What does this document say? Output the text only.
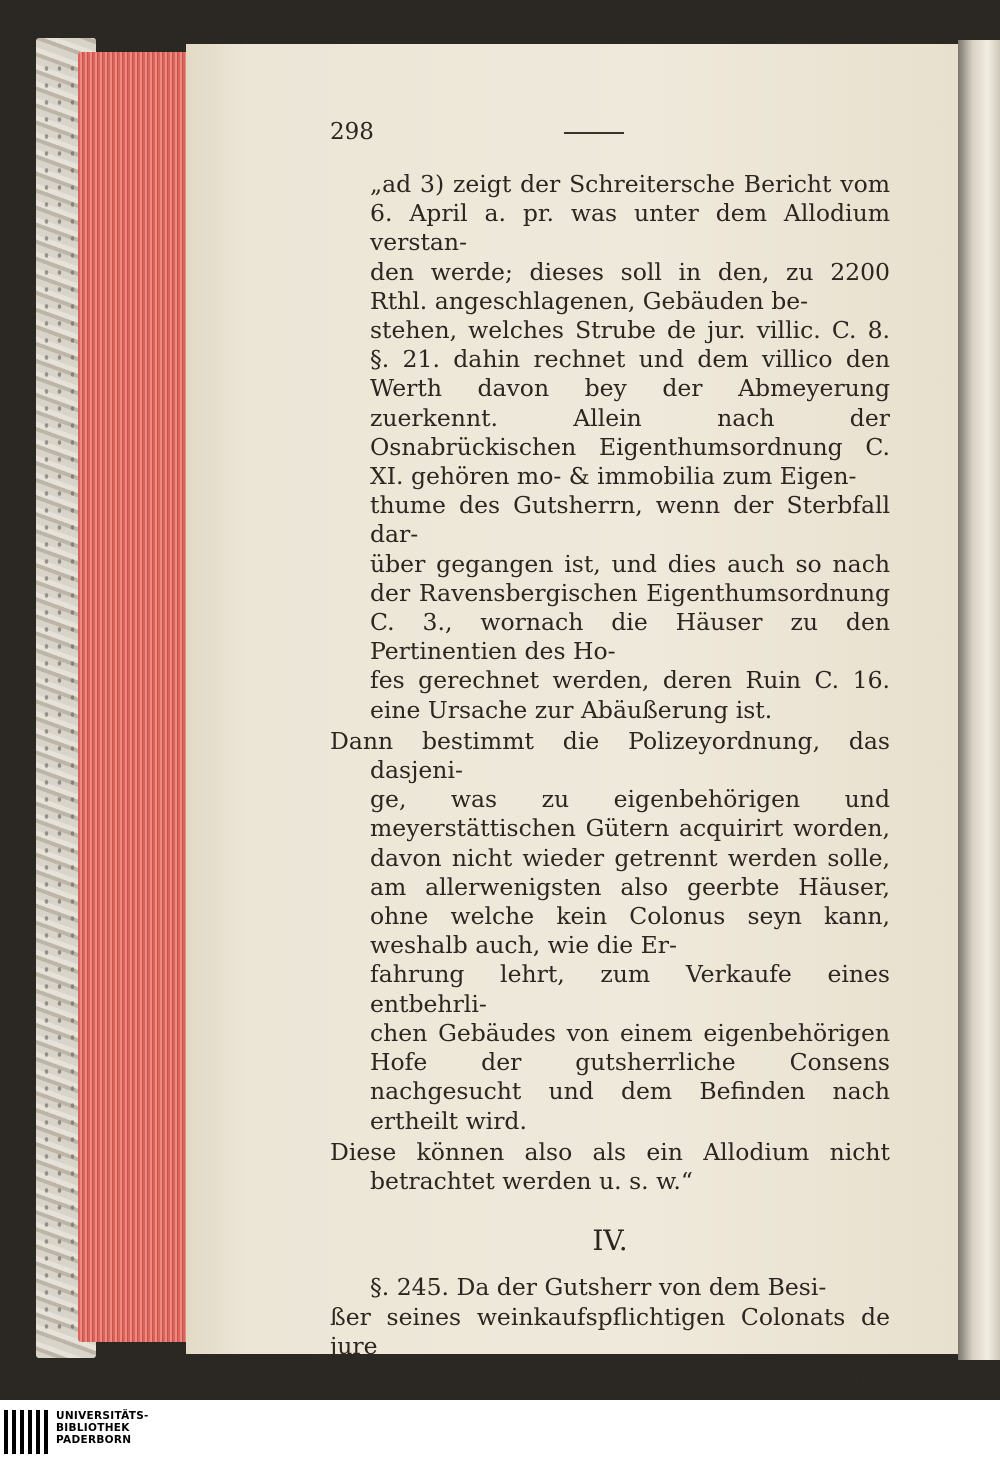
298

„ad 3) zeigt der Schreitersche Bericht vom 6. April a. pr. was unter dem Allodium verstan-
den werde; dieses soll in den, zu 2200 Rthl. angeschlagenen, Gebäuden be-
stehen, welches Strube de jur. villic. C. 8. §. 21. dahin rechnet und dem villico den Werth davon bey der Abmeyerung zuerkennt. Allein nach der Osnabrückischen Eigenthumsordnung C. XI. gehören mo- & immobilia zum Eigen-
thume des Gutsherrn, wenn der Sterbfall dar-
über gegangen ist, und dies auch so nach der Ravensbergischen Eigenthumsordnung C. 3., wornach die Häuser zu den Pertinentien des Ho-
fes gerechnet werden, deren Ruin C. 16. eine Ursache zur Abäußerung ist.

Dann bestimmt die Polizeyordnung, das dasjeni-
ge, was zu eigenbehörigen und meyerstättischen Gütern acquirirt worden, davon nicht wieder getrennt werden solle, am allerwenigsten also geerbte Häuser, ohne welche kein Colonus seyn kann, weshalb auch, wie die Er-
fahrung lehrt, zum Verkaufe eines entbehrli-
chen Gebäudes von einem eigenbehörigen Hofe der gutsherrliche Consens nachgesucht und dem Befinden nach ertheilt wird.

Diese können also als ein Allodium nicht betrachtet werden u. s. w.“

IV.

§. 245. Da der Gutsherr von dem Besi-
ßer seines weinkaufspflichtigen Colonats de jure

ver-
UNIVERSITÄTS-
BIBLIOTHEK
PADERBORN
